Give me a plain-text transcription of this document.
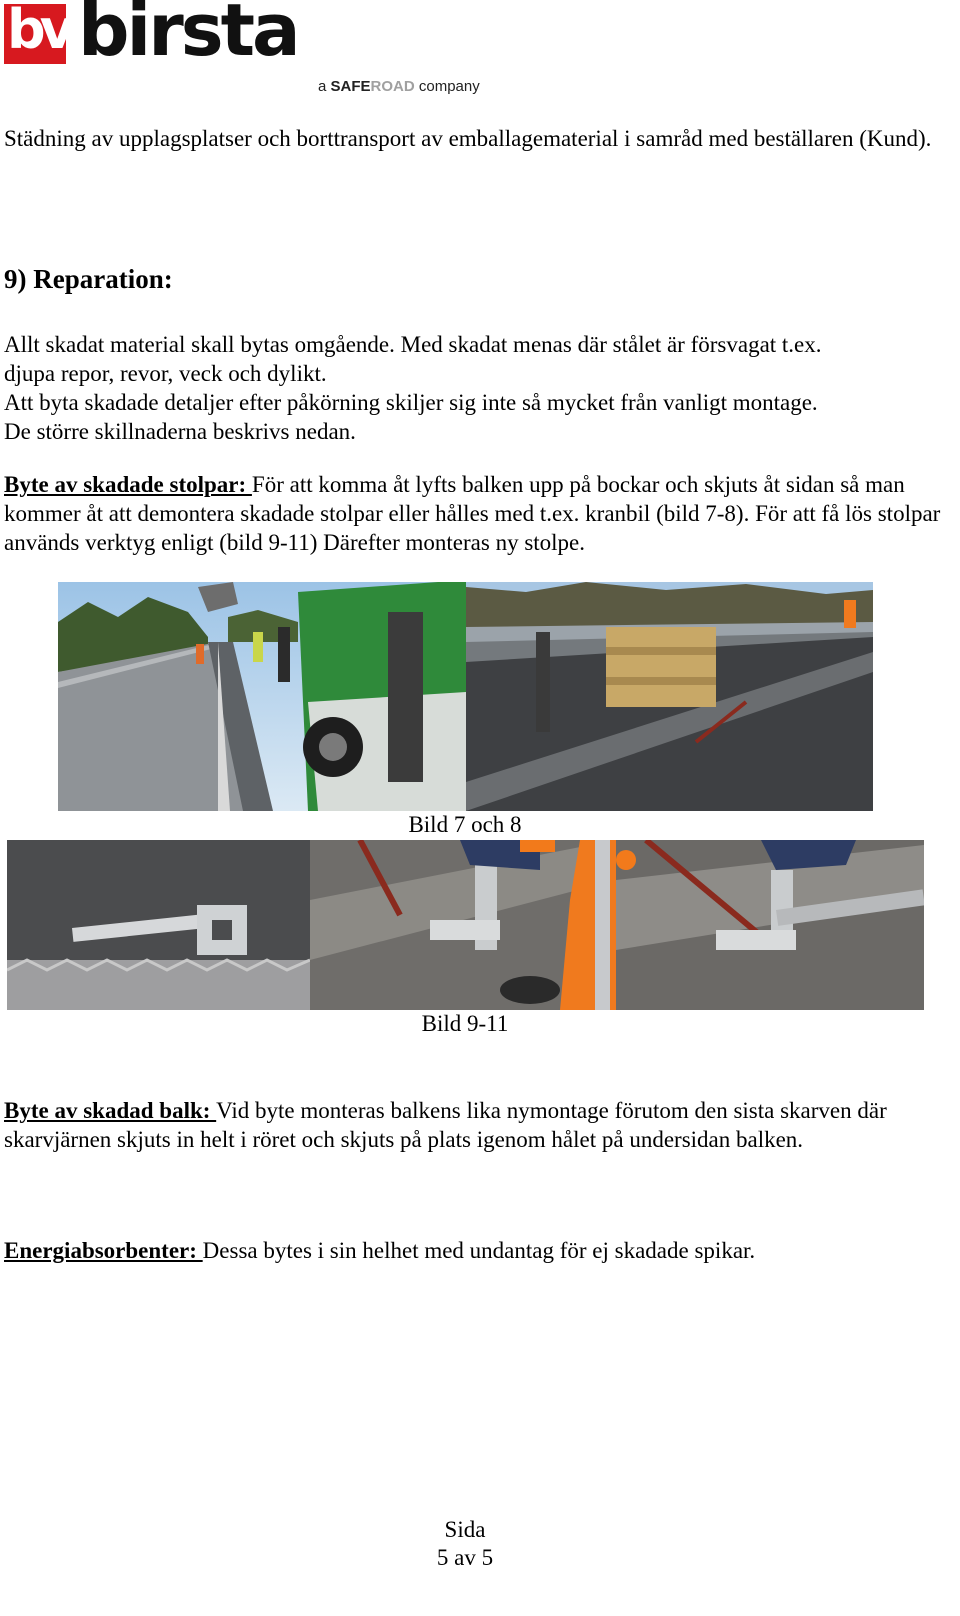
bv birsta
a SAFEROAD company
Städning av upplagsplatser och borttransport av emballagematerial i samråd med beställaren (Kund).
9) Reparation:
Allt skadat material skall bytas omgående. Med skadat menas där stålet är försvagat t.ex.
djupa repor, revor, veck och dylikt.
Att byta skadade detaljer efter påkörning skiljer sig inte så mycket från vanligt montage.
De större skillnaderna beskrivs nedan.
Byte av skadade stolpar: För att komma åt lyfts balken upp på bockar och skjuts åt sidan så man kommer åt att demontera skadade stolpar eller hålles med t.ex. kranbil (bild 7-8). För att få lös stolpar används verktyg enligt (bild 9-11) Därefter monteras ny stolpe.
Bild 7 och 8
Bild 9-11
Byte av skadad balk: Vid byte monteras balkens lika nymontage förutom den sista skarven där skarvjärnen skjuts in helt i röret och skjuts på plats igenom hålet på undersidan balken.
Energiabsorbenter: Dessa bytes i sin helhet med undantag för ej skadade spikar.
Sida
5 av 5
